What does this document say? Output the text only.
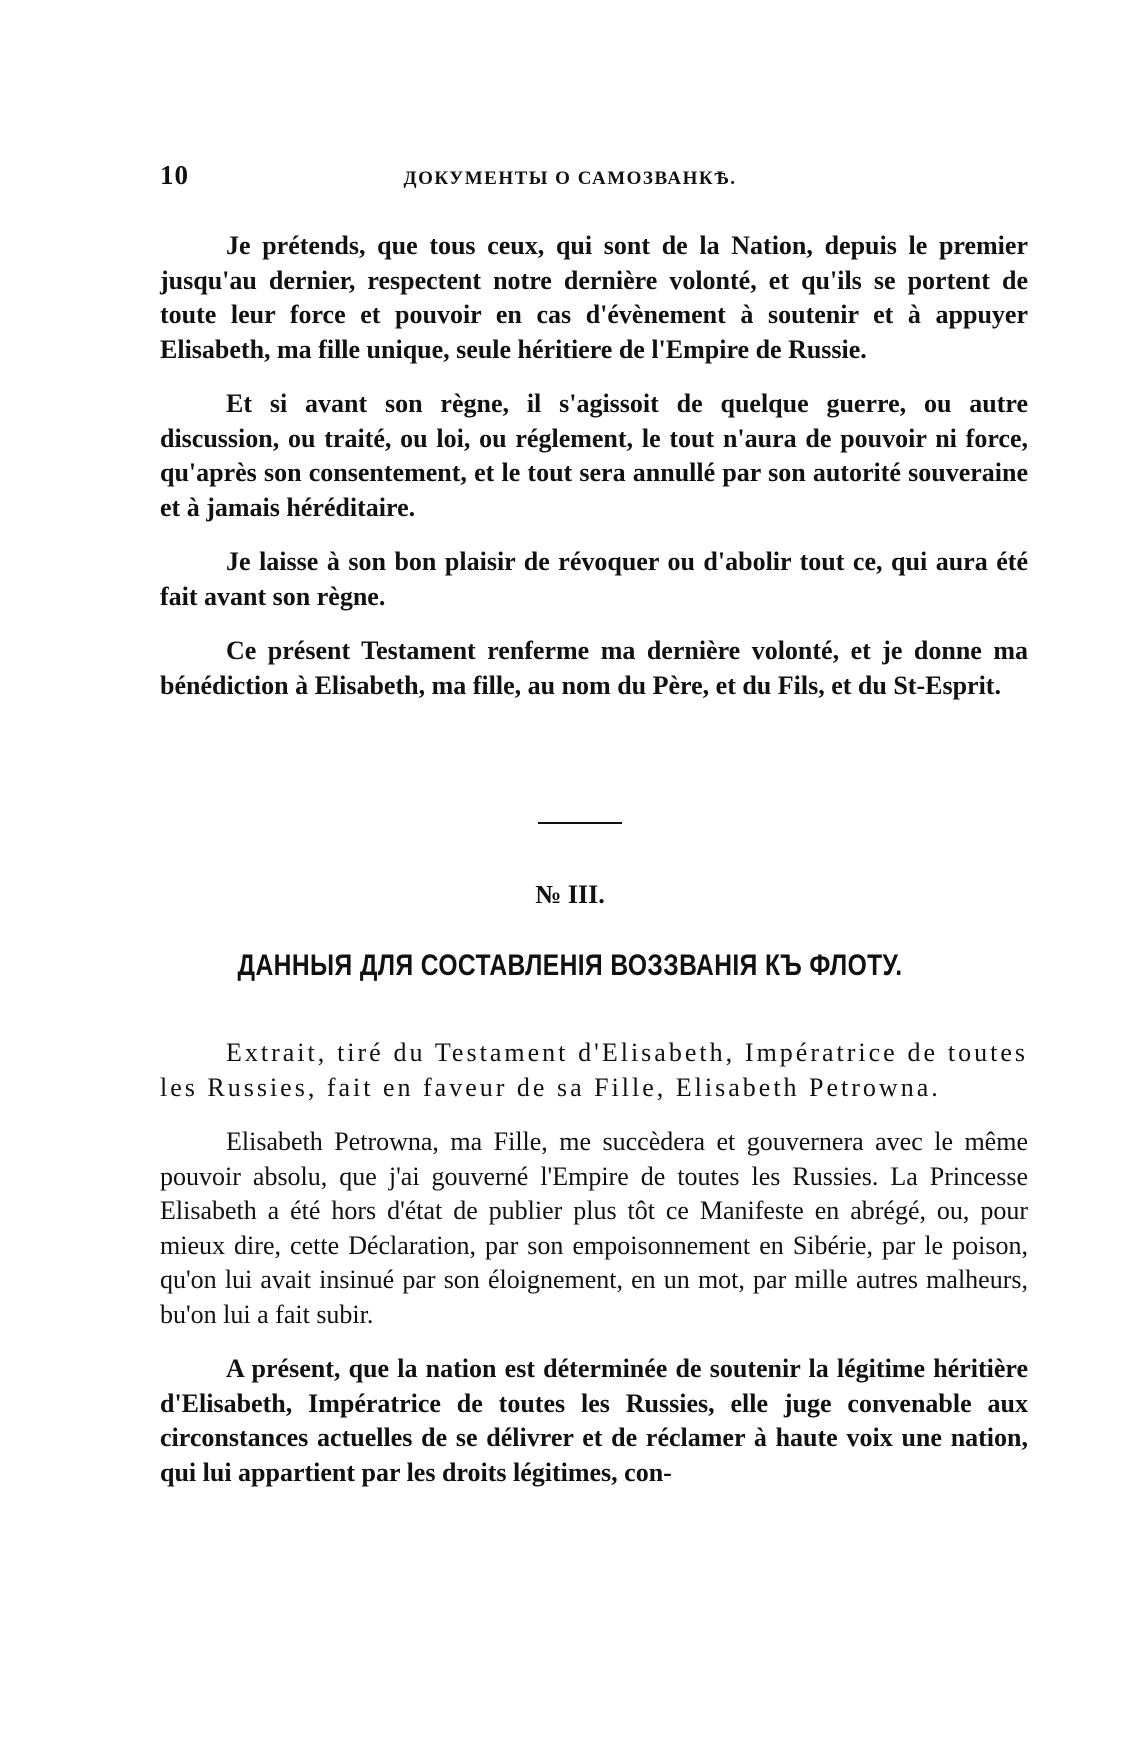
10	ДОКУМЕНТЫ О САМОЗВАНКѢ.

Je prétends, que tous ceux, qui sont de la Nation, depuis le premier jusqu'au dernier, respectent notre dernière volonté, et qu'ils se portent de toute leur force et pouvoir en cas d'évènement à soutenir et à appuyer Elisabeth, ma fille unique, seule héritiere de l'Empire de Russie.

Et si avant son règne, il s'agissoit de quelque guerre, ou autre discussion, ou traité, ou loi, ou réglement, le tout n'aura de pouvoir ni force, qu'après son consentement, et le tout sera annullé par son autorité souveraine et à jamais héréditaire.

Je laisse à son bon plaisir de révoquer ou d'abolir tout ce, qui aura été fait avant son règne.

Ce présent Testament renferme ma dernière volonté, et je donne ma bénédiction à Elisabeth, ma fille, au nom du Père, et du Fils, et du St-Esprit.

№ III.
ДАННЫЯ ДЛЯ СОСТАВЛЕНІЯ ВОЗЗВАНІЯ КЪ ФЛОТУ.

Extrait, tiré du Testament d'Elisabeth, Impératrice de toutes les Russies, fait en faveur de sa Fille, Elisabeth Petrowna.

Elisabeth Petrowna, ma Fille, me succèdera et gouvernera avec le même pouvoir absolu, que j'ai gouverné l'Empire de toutes les Russies. La Princesse Elisabeth a été hors d'état de publier plus tôt ce Manifeste en abrégé, ou, pour mieux dire, cette Déclaration, par son empoisonnement en Sibérie, par le poison, qu'on lui avait insinué par son éloignement, en un mot, par mille autres malheurs, bu'on lui a fait subir.

A présent, que la nation est déterminée de soutenir la légitime héritière d'Elisabeth, Impératrice de toutes les Russies, elle juge convenable aux circonstances actuelles de se délivrer et de réclamer à haute voix une nation, qui lui appartient par les droits légitimes, con-
